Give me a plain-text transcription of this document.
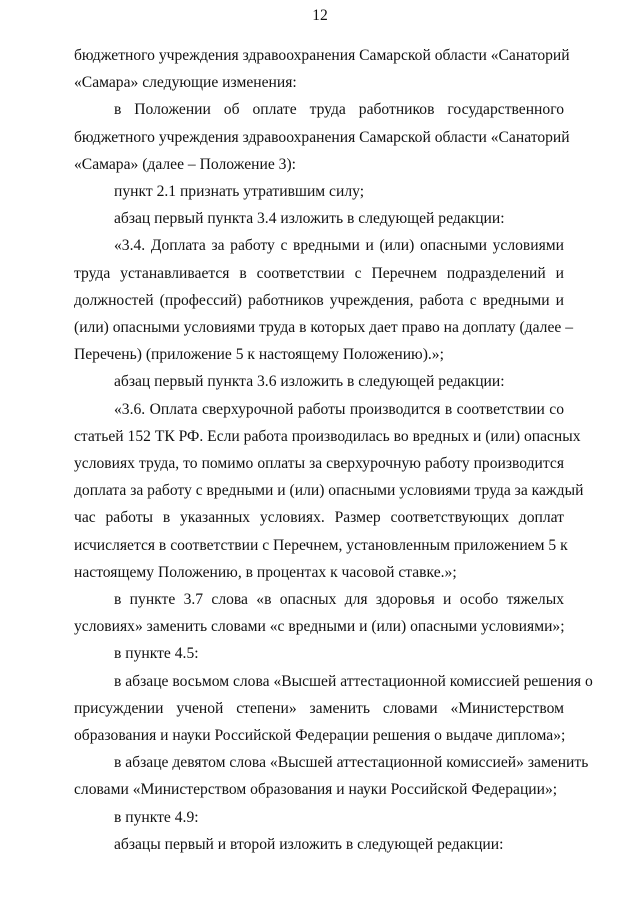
12
бюджетного учреждения здравоохранения Самарской области «Санаторий
«Самара» следующие изменения:
в Положении об оплате труда работников государственного
бюджетного учреждения здравоохранения Самарской области «Санаторий
«Самара» (далее – Положение 3):
пункт 2.1 признать утратившим силу;
абзац первый пункта 3.4 изложить в следующей редакции:
«3.4. Доплата за работу с вредными и (или) опасными условиями
труда устанавливается в соответствии с Перечнем подразделений и
должностей (профессий) работников учреждения, работа с вредными и
(или) опасными условиями труда в которых дает право на доплату (далее –
Перечень) (приложение 5 к настоящему Положению).»;
абзац первый пункта 3.6 изложить в следующей редакции:
«3.6. Оплата сверхурочной работы производится в соответствии со
статьей 152 ТК РФ. Если работа производилась во вредных и (или) опасных
условиях труда, то помимо оплаты за сверхурочную работу производится
доплата за работу с вредными и (или) опасными условиями труда за каждый
час работы в указанных условиях. Размер соответствующих доплат
исчисляется в соответствии с Перечнем, установленным приложением 5 к
настоящему Положению, в процентах к часовой ставке.»;
в пункте 3.7 слова «в опасных для здоровья и особо тяжелых
условиях» заменить словами «с вредными и (или) опасными условиями»;
в пункте 4.5:
в абзаце восьмом слова «Высшей аттестационной комиссией решения о
присуждении ученой степени» заменить словами «Министерством
образования и науки Российской Федерации решения о выдаче диплома»;
в абзаце девятом слова «Высшей аттестационной комиссией» заменить
словами «Министерством образования и науки Российской Федерации»;
в пункте 4.9:
абзацы первый и второй изложить в следующей редакции:
